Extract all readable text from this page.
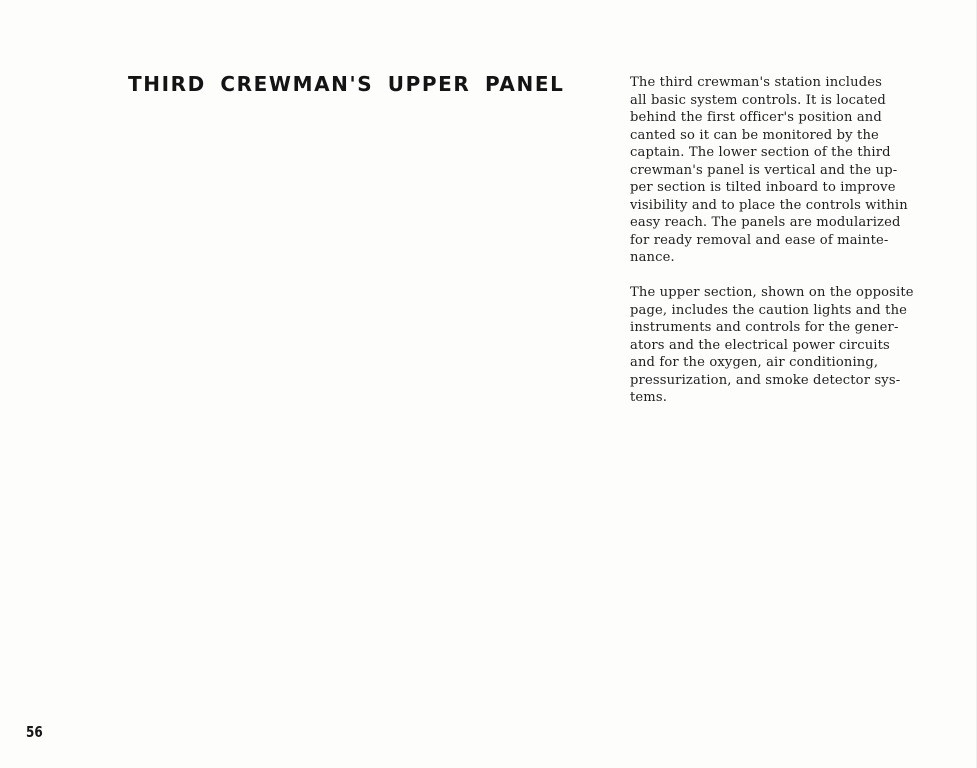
THIRD CREWMAN'S UPPER PANEL	The third crewman's station includes
all basic system controls. It is located
behind the first officer's position and
canted so it can be monitored by the
captain. The lower section of the third
crewman's panel is vertical and the up-
per section is tilted inboard to improve
visibility and to place the controls within
easy reach. The panels are modularized
for ready removal and ease of mainte-
nance.

The upper section, shown on the opposite
page, includes the caution lights and the
instruments and controls for the gener-
ators and the electrical power circuits
and for the oxygen, air conditioning,
pressurization, and smoke detector sys-
tems.

56
